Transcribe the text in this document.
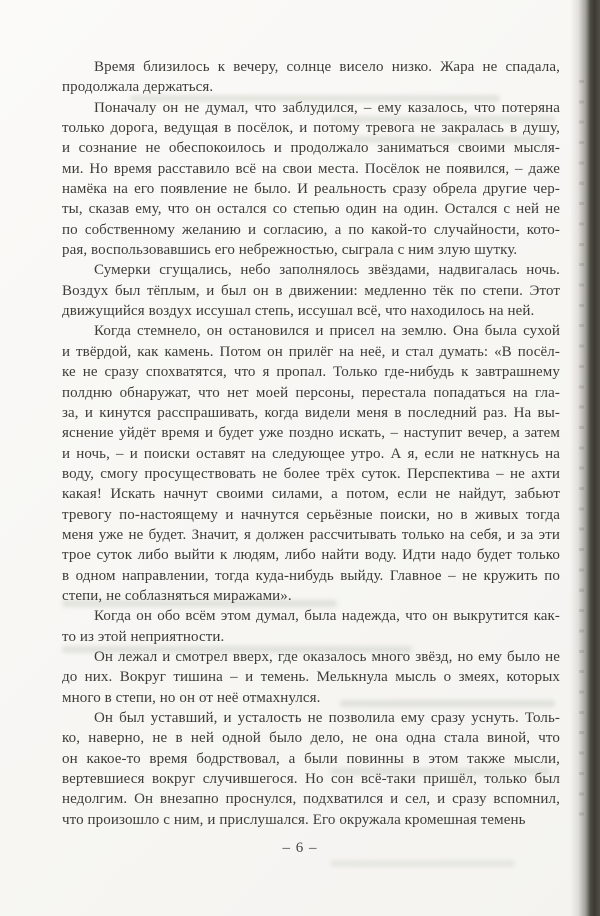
Время близилось к вечеру, солнце висело низко. Жара не спадала,
продолжала держаться.
Поначалу он не думал, что заблудился, – ему казалось, что потеряна
только дорога, ведущая в посёлок, и потому тревога не закралась в душу,
и сознание не обеспокоилось и продолжало заниматься своими мысля-
ми. Но время расставило всё на свои места. Посёлок не появился, – даже
намёка на его появление не было. И реальность сразу обрела другие чер-
ты, сказав ему, что он остался со степью один на один. Остался с ней не
по собственному желанию и согласию, а по какой-то случайности, кото-
рая, воспользовавшись его небрежностью, сыграла с ним злую шутку.
Сумерки сгущались, небо заполнялось звёздами, надвигалась ночь.
Воздух был тёплым, и был он в движении: медленно тёк по степи. Этот
движущийся воздух иссушал степь, иссушал всё, что находилось на ней.
Когда стемнело, он остановился и присел на землю. Она была сухой
и твёрдой, как камень. Потом он прилёг на неё, и стал думать: «В посёл-
ке не сразу спохватятся, что я пропал. Только где-нибудь к завтрашнему
полдню обнаружат, что нет моей персоны, перестала попадаться на гла-
за, и кинутся расспрашивать, когда видели меня в последний раз. На вы-
яснение уйдёт время и будет уже поздно искать, – наступит вечер, а затем
и ночь, – и поиски оставят на следующее утро. А я, если не наткнусь на
воду, смогу просуществовать не более трёх суток. Перспектива – не ахти
какая! Искать начнут своими силами, а потом, если не найдут, забьют
тревогу по-настоящему и начнутся серьёзные поиски, но в живых тогда
меня уже не будет. Значит, я должен рассчитывать только на себя, и за эти
трое суток либо выйти к людям, либо найти воду. Идти надо будет только
в одном направлении, тогда куда-нибудь выйду. Главное – не кружить по
степи, не соблазняться миражами».
Когда он обо всём этом думал, была надежда, что он выкрутится как-
то из этой неприятности.
Он лежал и смотрел вверх, где оказалось много звёзд, но ему было не
до них. Вокруг тишина – и темень. Мелькнула мысль о змеях, которых
много в степи, но он от неё отмахнулся.
Он был уставший, и усталость не позволила ему сразу уснуть. Толь-
ко, наверно, не в ней одной было дело, не она одна стала виной, что
он какое-то время бодрствовал, а были повинны в этом также мысли,
вертевшиеся вокруг случившегося. Но сон всё-таки пришёл, только был
недолгим. Он внезапно проснулся, подхватился и сел, и сразу вспомнил,
что произошло с ним, и прислушался. Его окружала кромешная темень
– 6 –
